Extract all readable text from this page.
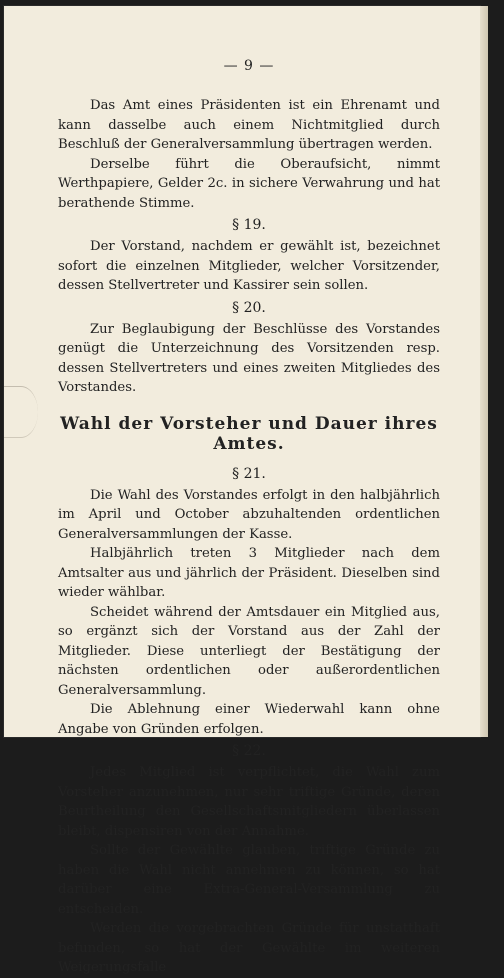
— 9 —

Das Amt eines Präsidenten ist ein Ehrenamt und kann dasselbe auch einem Nichtmitglied durch Beschluß der Generalversammlung übertragen werden.

Derselbe führt die Oberaufsicht, nimmt Werthpapiere, Gelder 2c. in sichere Verwahrung und hat berathende Stimme.

§ 19.

Der Vorstand, nachdem er gewählt ist, bezeichnet sofort die einzelnen Mitglieder, welcher Vorsitzender, dessen Stellvertreter und Kassirer sein sollen.

§ 20.

Zur Beglaubigung der Beschlüsse des Vorstandes genügt die Unterzeichnung des Vorsitzenden resp. dessen Stellvertreters und eines zweiten Mitgliedes des Vorstandes.

Wahl der Vorsteher und Dauer ihres Amtes.
§ 21.

Die Wahl des Vorstandes erfolgt in den halbjährlich im April und October abzuhaltenden ordentlichen Generalversammlungen der Kasse.

Halbjährlich treten 3 Mitglieder nach dem Amtsalter aus und jährlich der Präsident. Dieselben sind wieder wählbar.

Scheidet während der Amtsdauer ein Mitglied aus, so ergänzt sich der Vorstand aus der Zahl der Mitglieder. Diese unterliegt der Bestätigung der nächsten ordentlichen oder außerordentlichen Generalversammlung.

Die Ablehnung einer Wiederwahl kann ohne Angabe von Gründen erfolgen.

§ 22.

Jedes Mitglied ist verpflichtet, die Wahl zum Vorsteher anzunehmen, nur sehr triftige Gründe, deren Beurtheilung den Gesellschaftsmitgliedern überlassen bleibt, dispensiren von der Annahme.

Sollte der Gewählte glauben, triftige Gründe zu haben die Wahl nicht annehmen zu können, so hat darüber eine Extra-General-Versammlung zu entscheiden.

Werden die vorgebrachten Gründe für unstatthaft befunden, so hat der Gewählte im weiteren Weigerungsfalle
